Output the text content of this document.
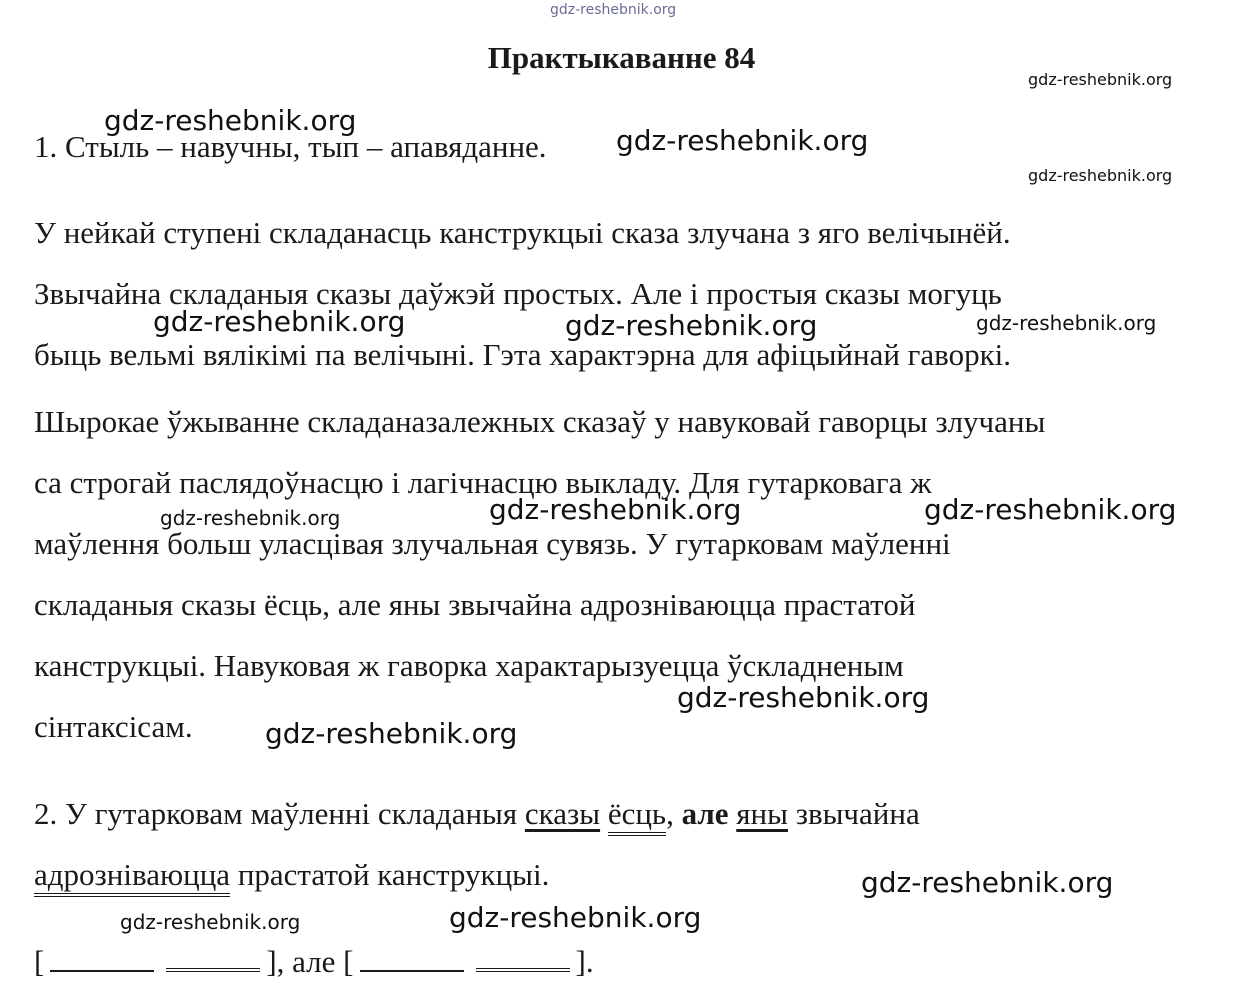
Практыкаванне 84
1. Стыль – навучны, тып – апавяданне.
У нейкай ступені складанасць канструкцыі сказа злучана з яго велічынёй.
Звычайна складаныя сказы даўжэй простых. Але і простыя сказы могуць
быць вельмі вялікімі па велічыні. Гэта характэрна для афіцыйнай гаворкі.
Шырокае ўжыванне складаназалежных сказаў у навуковай гаворцы злучаны
са строгай паслядоўнасцю і лагічнасцю выкладу. Для гутарковага ж
маўлення больш уласцівая злучальная сувязь. У гутарковам маўленні
складаныя сказы ёсць, але яны звычайна адрозніваюцца прастатой
канструкцыі. Навуковая ж гаворка характарызуецца ўскладненым
сінтаксісам.
2. У гутарковам маўленні складаныя сказы ёсць, але яны звычайна
адрозніваюцца прастатой канструкцыі.
[	], але [	].
gdz-reshebnik.org
gdz-reshebnik.org
gdz-reshebnik.org
gdz-reshebnik.org
gdz-reshebnik.org
gdz-reshebnik.org	gdz-reshebnik.org	gdz-reshebnik.org
gdz-reshebnik.org	gdz-reshebnik.org	gdz-reshebnik.org
gdz-reshebnik.org
gdz-reshebnik.org
gdz-reshebnik.org
gdz-reshebnik.org	gdz-reshebnik.org
